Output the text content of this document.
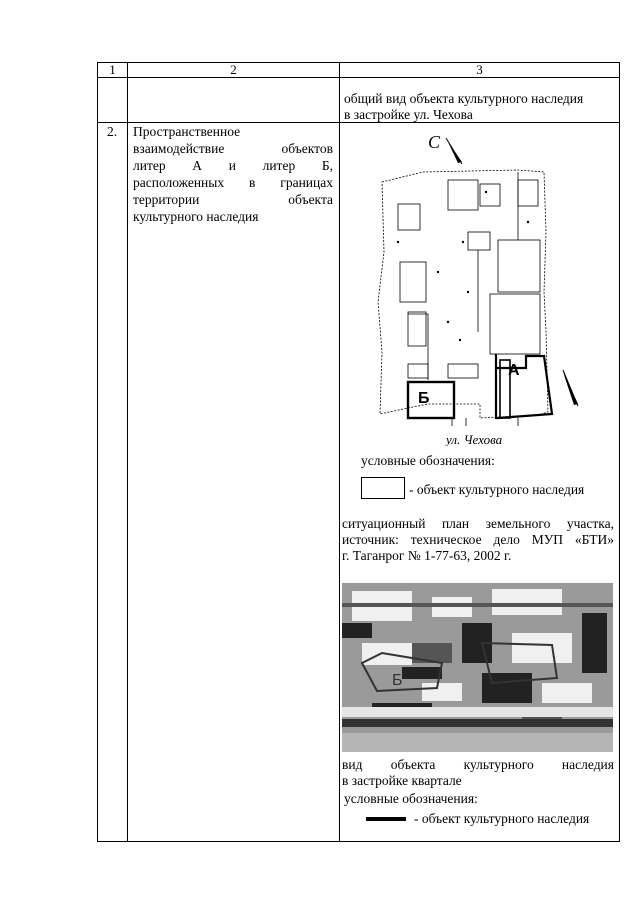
1	2	3
общий вид объекта культурного наследия
в застройке ул. Чехова
2. Пространственное
взаимодействие объектов
литер А и литер Б,
расположенных в границах
территории объекта
культурного наследия
С
А
Б
ул. Чехова
условные обозначения:
- объект культурного наследия
ситуационный план земельного участка,
источник: техническое дело МУП «БТИ»
г. Таганрог № 1-77-63, 2002 г.
Б
вид объекта культурного наследия
в застройке квартале
условные обозначения:
- объект культурного наследия
